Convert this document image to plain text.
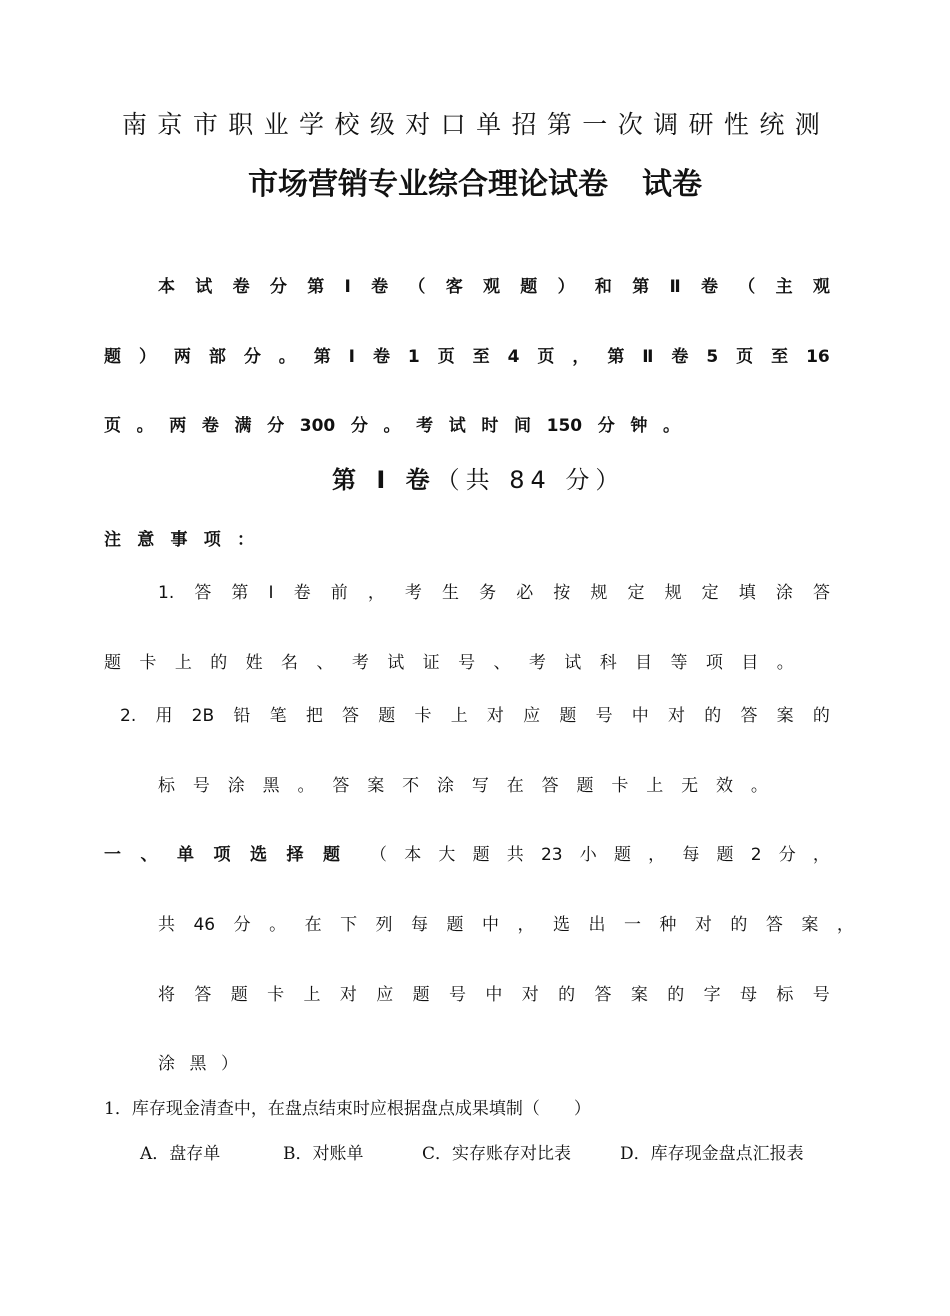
南 京 市 职 业 学 校 级 对 口 单 招 第 一 次 调 研 性 统 测
市场营销专业综合理论试卷 试卷
本 试 卷 分 第 Ⅰ 卷 （ 客 观 题 ） 和 第 Ⅱ 卷 （ 主 观
题 ） 两 部 分 。 第 Ⅰ 卷 1 页 至 4 页 ， 第 Ⅱ 卷 5 页 至 16
页 。 两 卷 满 分 300 分 。 考 试 时 间 150 分 钟 。
第 Ⅰ 卷（共 84 分）
注 意 事 项 ：
1. 答 第 Ⅰ 卷 前 ， 考 生 务 必 按 规 定 规 定 填 涂 答
题 卡 上 的 姓 名 、 考 试 证 号 、 考 试 科 目 等 项 目 。
2. 用 2B 铅 笔 把 答 题 卡 上 对 应 题 号 中 对 的 答 案 的
标 号 涂 黑 。 答 案 不 涂 写 在 答 题 卡 上 无 效 。
一 、 单 项 选 择 题 （ 本 大 题 共 23 小 题 ， 每 题 2 分 ，
共 46 分 。 在 下 列 每 题 中 ， 选 出 一 种 对 的 答 案 ，
将 答 题 卡 上 对 应 题 号 中 对 的 答 案 的 字 母 标 号
涂 黑 ）
1．库存现金清查中，在盘点结束时应根据盘点成果填制（　　）
A．盘存单	B．对账单	C．实存账存对比表	D．库存现金盘点汇报表
